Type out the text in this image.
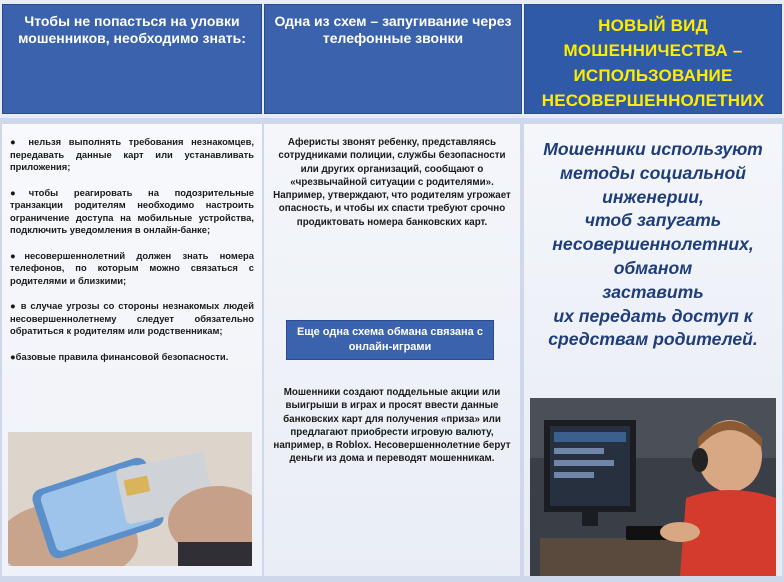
Чтобы не попасться на уловки мошенников, необходимо знать:
Одна из схем – запугивание через телефонные звонки
НОВЫЙ ВИД МОШЕННИЧЕСТВА – ИСПОЛЬЗОВАНИЕ НЕСОВЕРШЕННОЛЕТНИХ
● нельзя выполнять требования незнакомцев, передавать данные карт или устанавливать приложения;
●чтобы реагировать на подозрительные транзакции родителям необходимо настроить ограничение доступа на мобильные устройства, подключить уведомления в онлайн-банке;
●несовершеннолетний должен знать номера телефонов, по которым можно связаться с родителями и близкими;
● в случае угрозы со стороны незнакомых людей несовершеннолетнему следует обязательно обратиться к родителям или родственникам;
●базовые правила финансовой безопасности.
Аферисты звонят ребенку, представляясь сотрудниками полиции, службы безопасности или других организаций, сообщают о «чрезвычайной ситуации с родителями».
Например, утверждают, что родителям угрожает опасность, и чтобы их спасти требуют срочно продиктовать номера банковских карт.
Еще одна схема обмана связана с онлайн-играми
Мошенники создают поддельные акции или выигрыши в играх и просят ввести данные банковских карт для получения «приза» или предлагают приобрести игровую валюту, например, в Roblox. Несовершеннолетние берут деньги из дома и переводят мошенникам.
Мошенники используют
методы социальной
инженерии,
чтоб запугать
несовершеннолетних,
обманом
заставить
их передать доступ к
средствам родителей.
